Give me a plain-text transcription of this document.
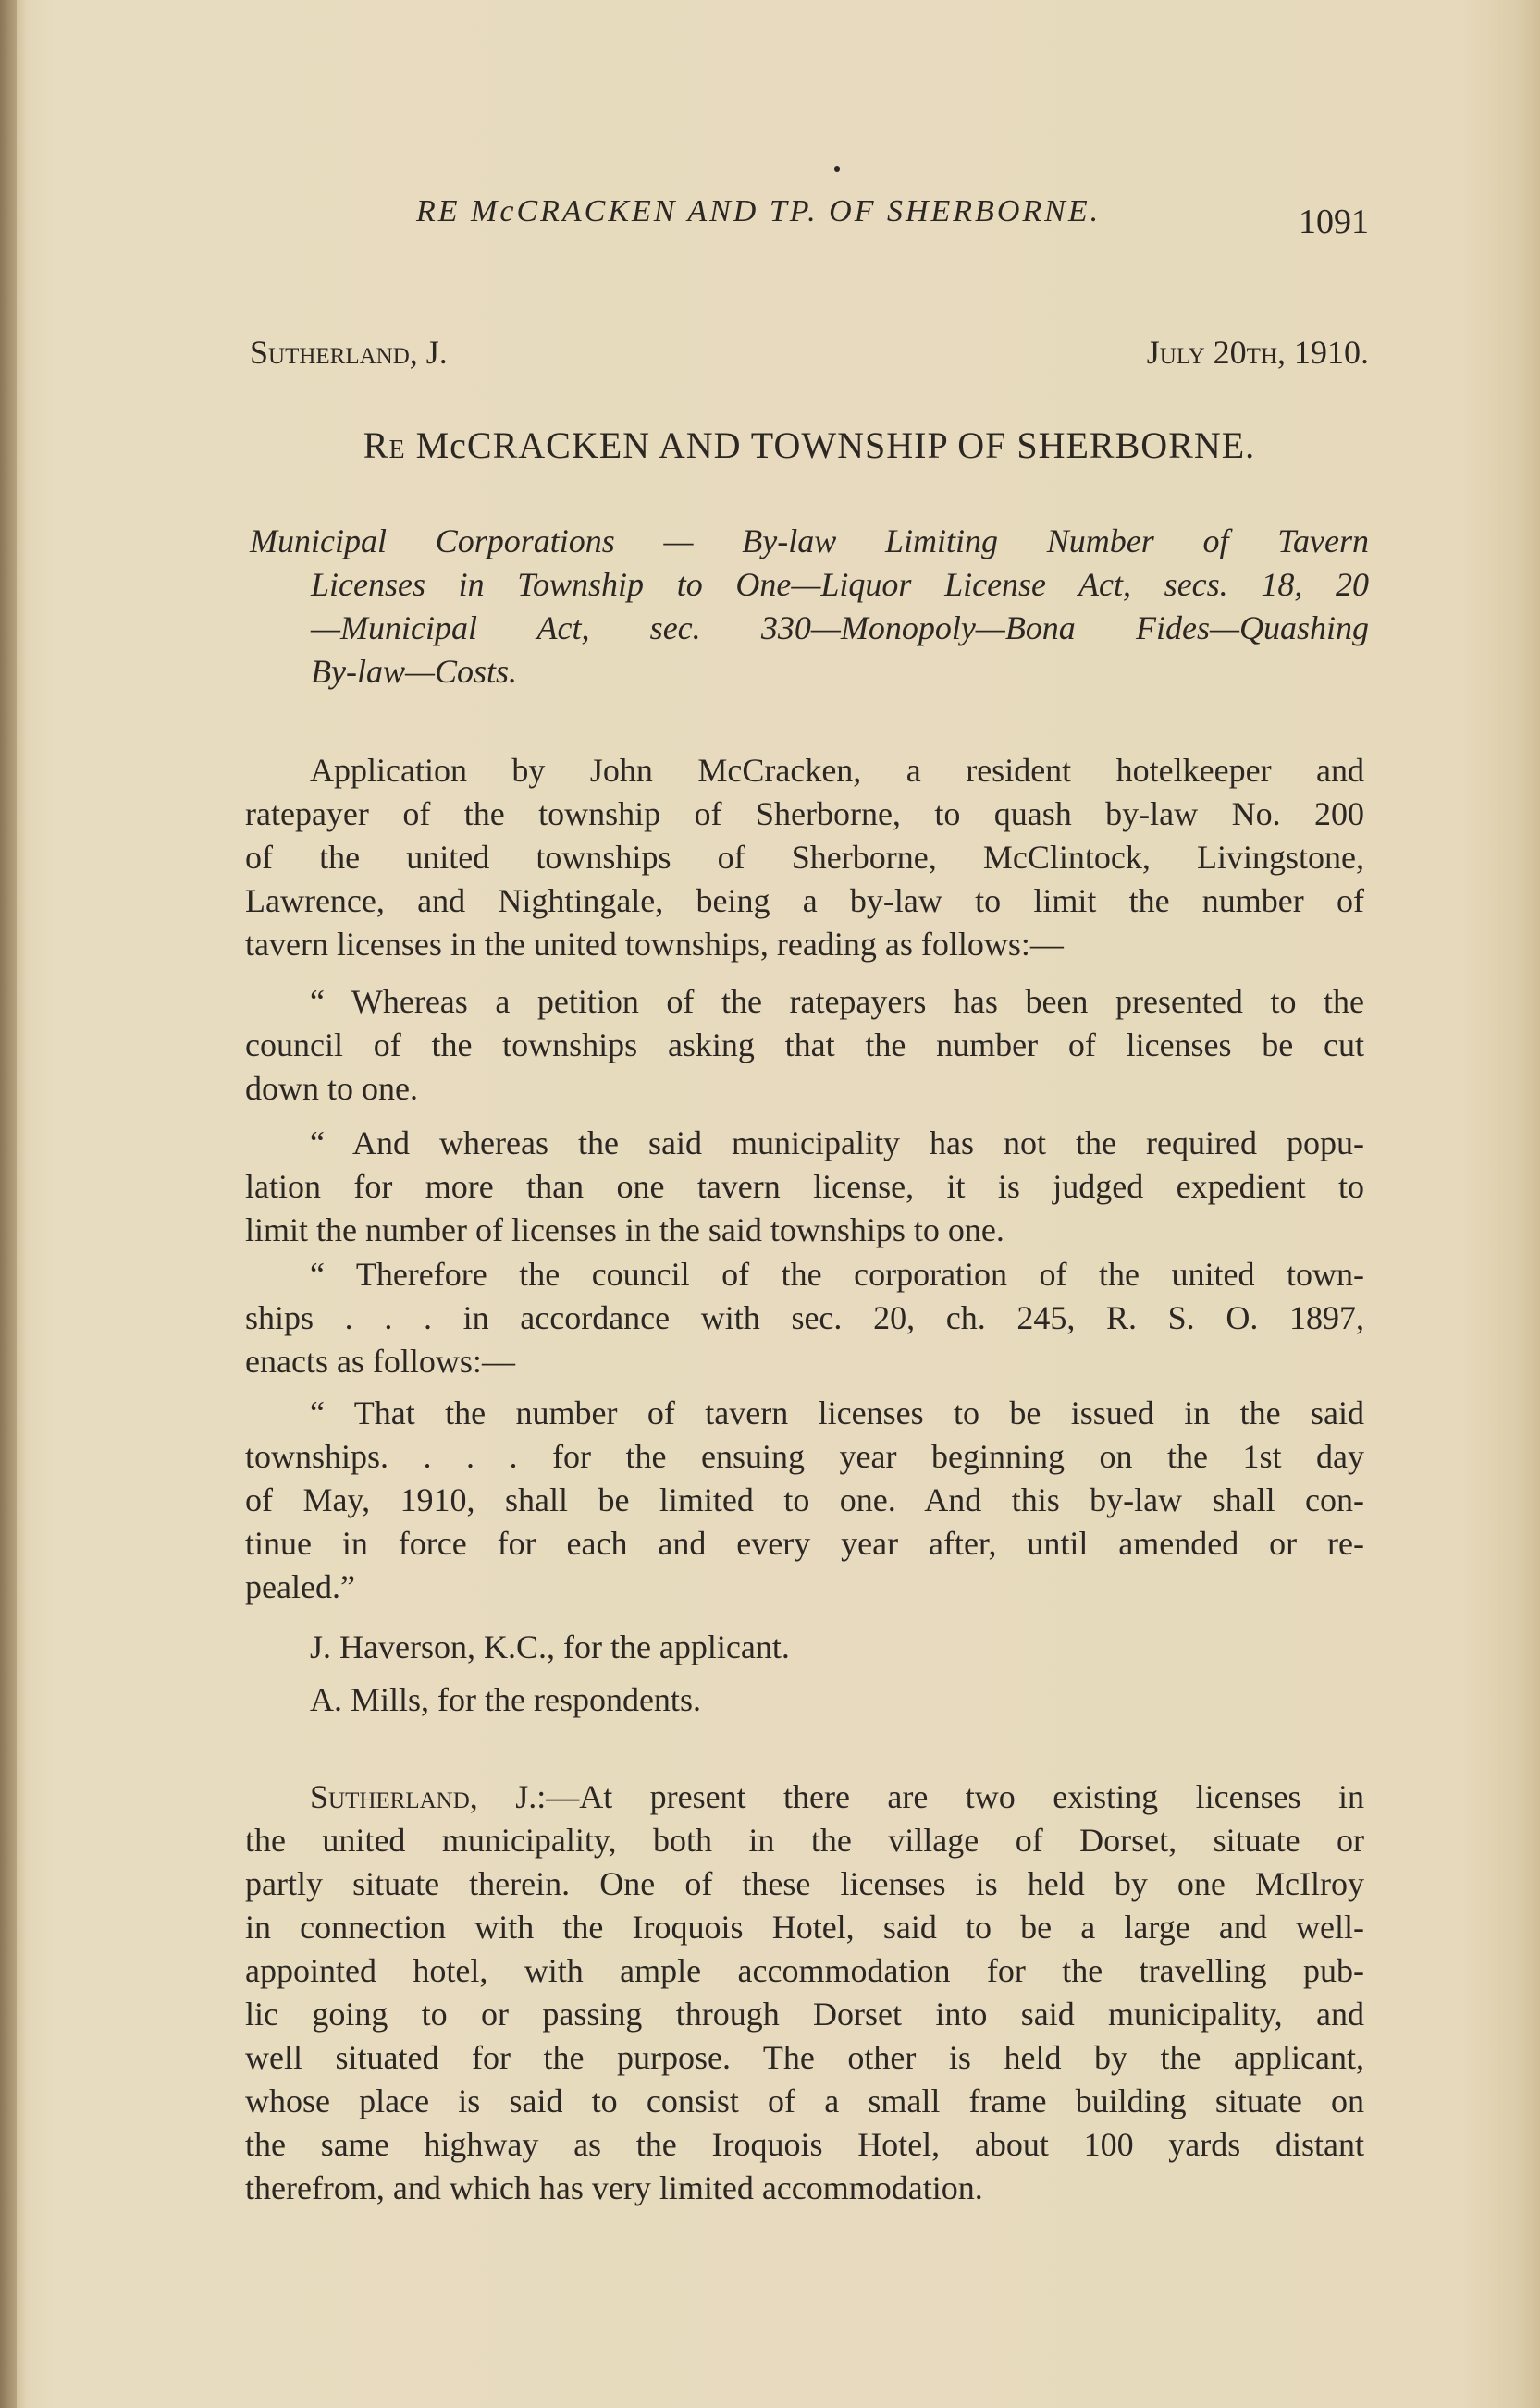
RE McCRACKEN AND TP. OF SHERBORNE.	1091
Sutherland, J.	July 20th, 1910.
Re McCRACKEN AND TOWNSHIP OF SHERBORNE.
Municipal Corporations — By-law Limiting Number of Tavern
Licenses in Township to One—Liquor License Act, secs. 18, 20
—Municipal Act, sec. 330—Monopoly—Bona Fides—Quashing
By-law—Costs.
Application by John McCracken, a resident hotelkeeper and
ratepayer of the township of Sherborne, to quash by-law No. 200
of the united townships of Sherborne, McClintock, Livingstone,
Lawrence, and Nightingale, being a by-law to limit the number of
tavern licenses in the united townships, reading as follows:—
“ Whereas a petition of the ratepayers has been presented to the
council of the townships asking that the number of licenses be cut
down to one.
“ And whereas the said municipality has not the required popu-
lation for more than one tavern license, it is judged expedient to
limit the number of licenses in the said townships to one.
“ Therefore the council of the corporation of the united town-
ships . . . in accordance with sec. 20, ch. 245, R. S. O. 1897,
enacts as follows:—
“ That the number of tavern licenses to be issued in the said
townships. . . . for the ensuing year beginning on the 1st day
of May, 1910, shall be limited to one. And this by-law shall con-
tinue in force for each and every year after, until amended or re-
pealed.”
J. Haverson, K.C., for the applicant.
A. Mills, for the respondents.
Sutherland, J.:—At present there are two existing licenses in
the united municipality, both in the village of Dorset, situate or
partly situate therein. One of these licenses is held by one McIlroy
in connection with the Iroquois Hotel, said to be a large and well-
appointed hotel, with ample accommodation for the travelling pub-
lic going to or passing through Dorset into said municipality, and
well situated for the purpose. The other is held by the applicant,
whose place is said to consist of a small frame building situate on
the same highway as the Iroquois Hotel, about 100 yards distant
therefrom, and which has very limited accommodation.
